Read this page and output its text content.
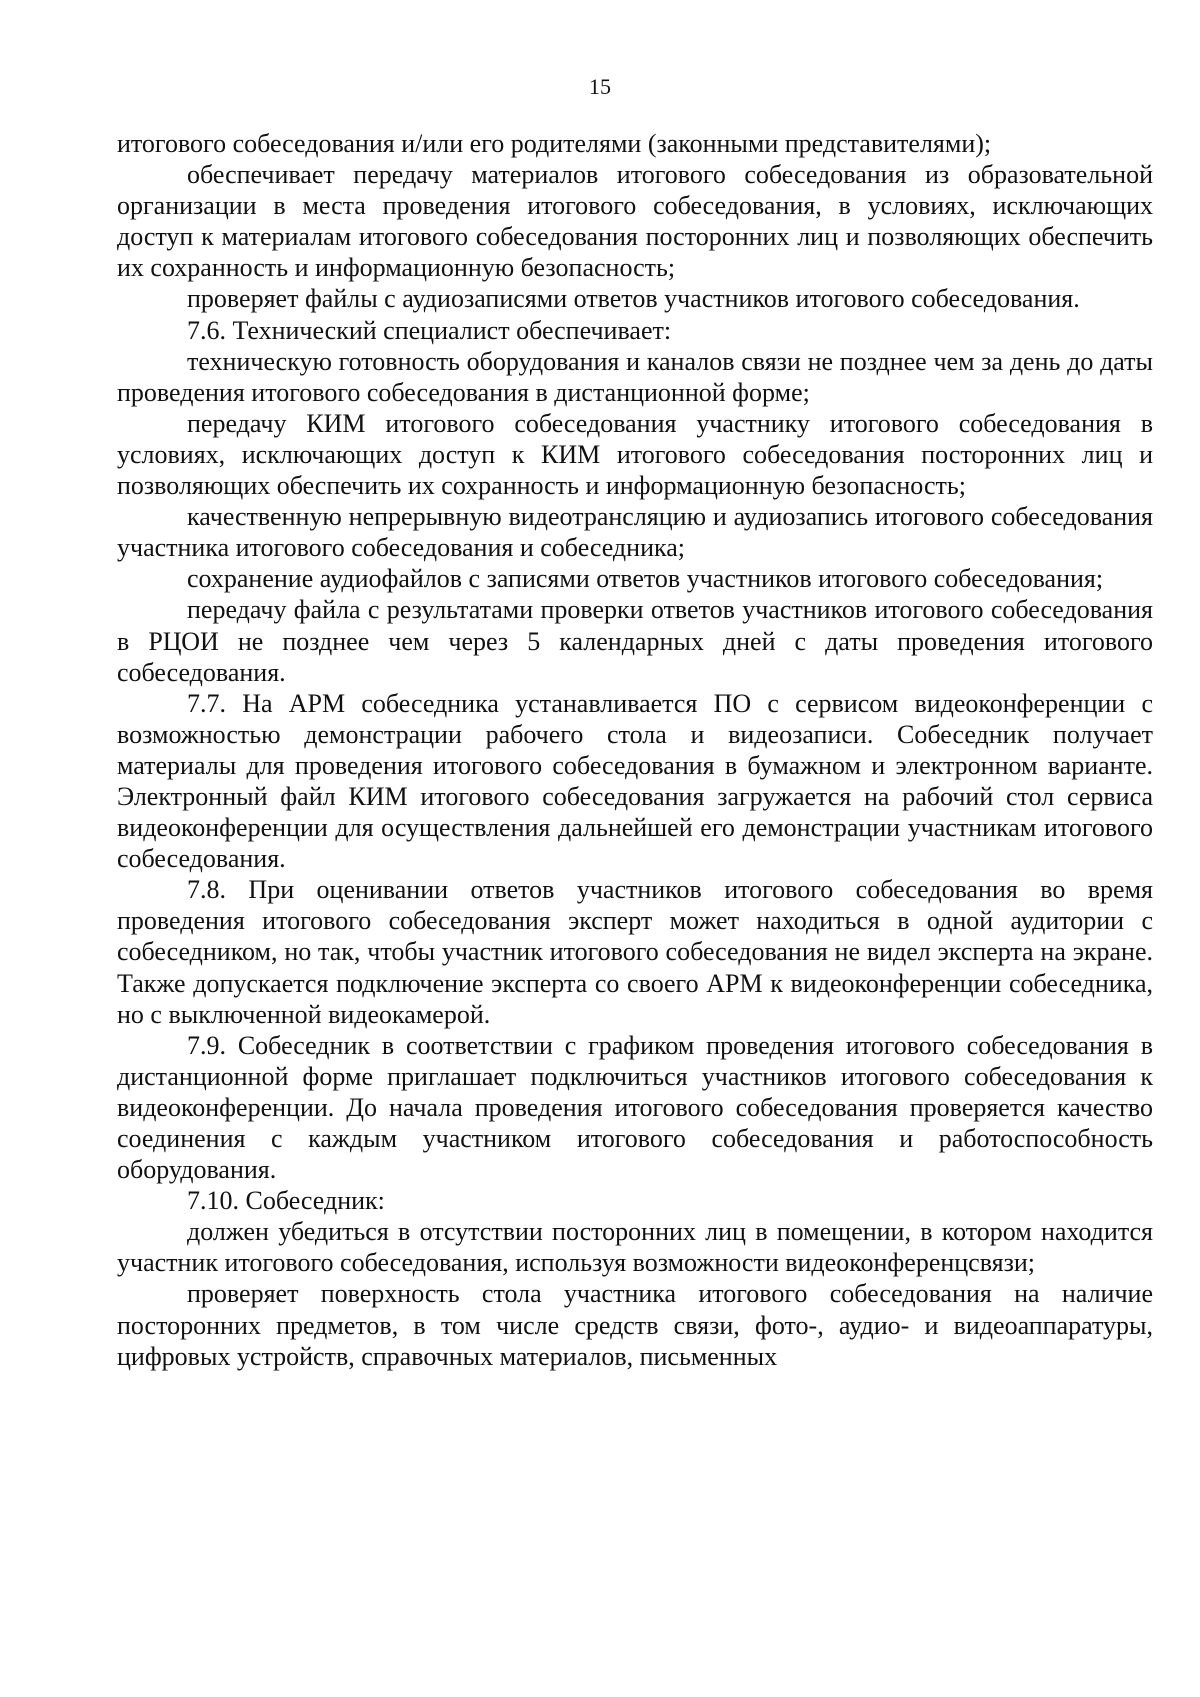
15

итогового собеседования и/или его родителями (законными представителями);

обеспечивает передачу материалов итогового собеседования из образовательной организации в места проведения итогового собеседования, в условиях, исключающих доступ к материалам итогового собеседования посторонних лиц и позволяющих обеспечить их сохранность и информационную безопасность;

проверяет файлы с аудиозаписями ответов участников итогового собеседования.

7.6. Технический специалист обеспечивает:

техническую готовность оборудования и каналов связи не позднее чем за день до даты проведения итогового собеседования в дистанционной форме;

передачу КИМ итогового собеседования участнику итогового собеседования в условиях, исключающих доступ к КИМ итогового собеседования посторонних лиц и позволяющих обеспечить их сохранность и информационную безопасность;

качественную непрерывную видеотрансляцию и аудиозапись итогового собеседования участника итогового собеседования и собеседника;

сохранение аудиофайлов с записями ответов участников итогового собеседования;

передачу файла с результатами проверки ответов участников итогового собеседования в РЦОИ не позднее чем через 5 календарных дней с даты проведения итогового собеседования.

7.7. На АРМ собеседника устанавливается ПО с сервисом видеоконференции с возможностью демонстрации рабочего стола и видеозаписи. Собеседник получает материалы для проведения итогового собеседования в бумажном и электронном варианте. Электронный файл КИМ итогового собеседования загружается на рабочий стол сервиса видеоконференции для осуществления дальнейшей его демонстрации участникам итогового собеседования.

7.8. При оценивании ответов участников итогового собеседования во время проведения итогового собеседования эксперт может находиться в одной аудитории с собеседником, но так, чтобы участник итогового собеседования не видел эксперта на экране. Также допускается подключение эксперта со своего АРМ к видеоконференции собеседника, но с выключенной видеокамерой.

7.9. Собеседник в соответствии с графиком проведения итогового собеседования в дистанционной форме приглашает подключиться участников итогового собеседования к видеоконференции. До начала проведения итогового собеседования проверяется качество соединения с каждым участником итогового собеседования и работоспособность оборудования.

7.10. Собеседник:

должен убедиться в отсутствии посторонних лиц в помещении, в котором находится участник итогового собеседования, используя возможности видеоконференцсвязи;

проверяет поверхность стола участника итогового собеседования на наличие посторонних предметов, в том числе средств связи, фото-, аудио- и видеоаппаратуры, цифровых устройств, справочных материалов, письменных
